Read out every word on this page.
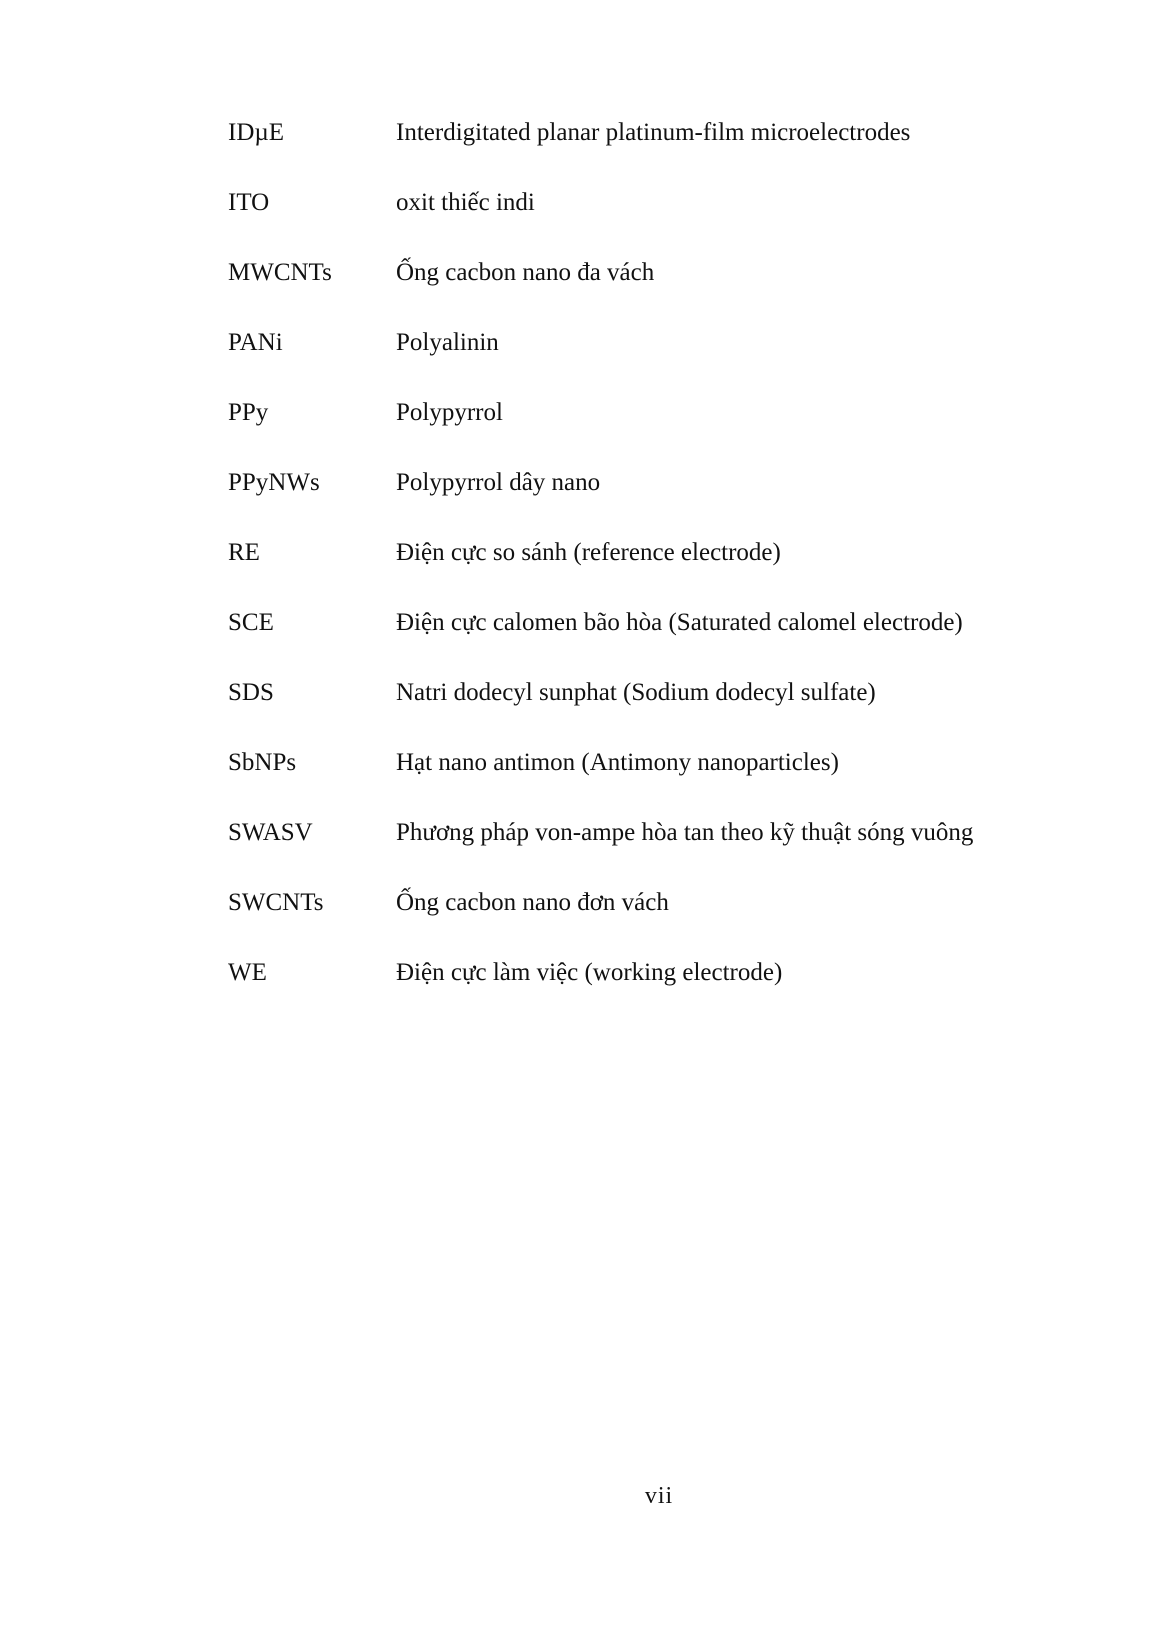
IDµE	Interdigitated planar platinum-film microelectrodes
ITO	oxit thiếc indi
MWCNTs	Ống cacbon nano đa vách
PANi	Polyalinin
PPy	Polypyrrol
PPyNWs	Polypyrrol dây nano
RE	Điện cực so sánh (reference electrode)
SCE	Điện cực calomen bão hòa (Saturated calomel electrode)
SDS	Natri dodecyl sunphat (Sodium dodecyl sulfate)
SbNPs	Hạt nano antimon (Antimony nanoparticles)
SWASV	Phương pháp von-ampe hòa tan theo kỹ thuật sóng vuông
SWCNTs	Ống cacbon nano đơn vách
WE	Điện cực làm việc (working electrode)
vii
